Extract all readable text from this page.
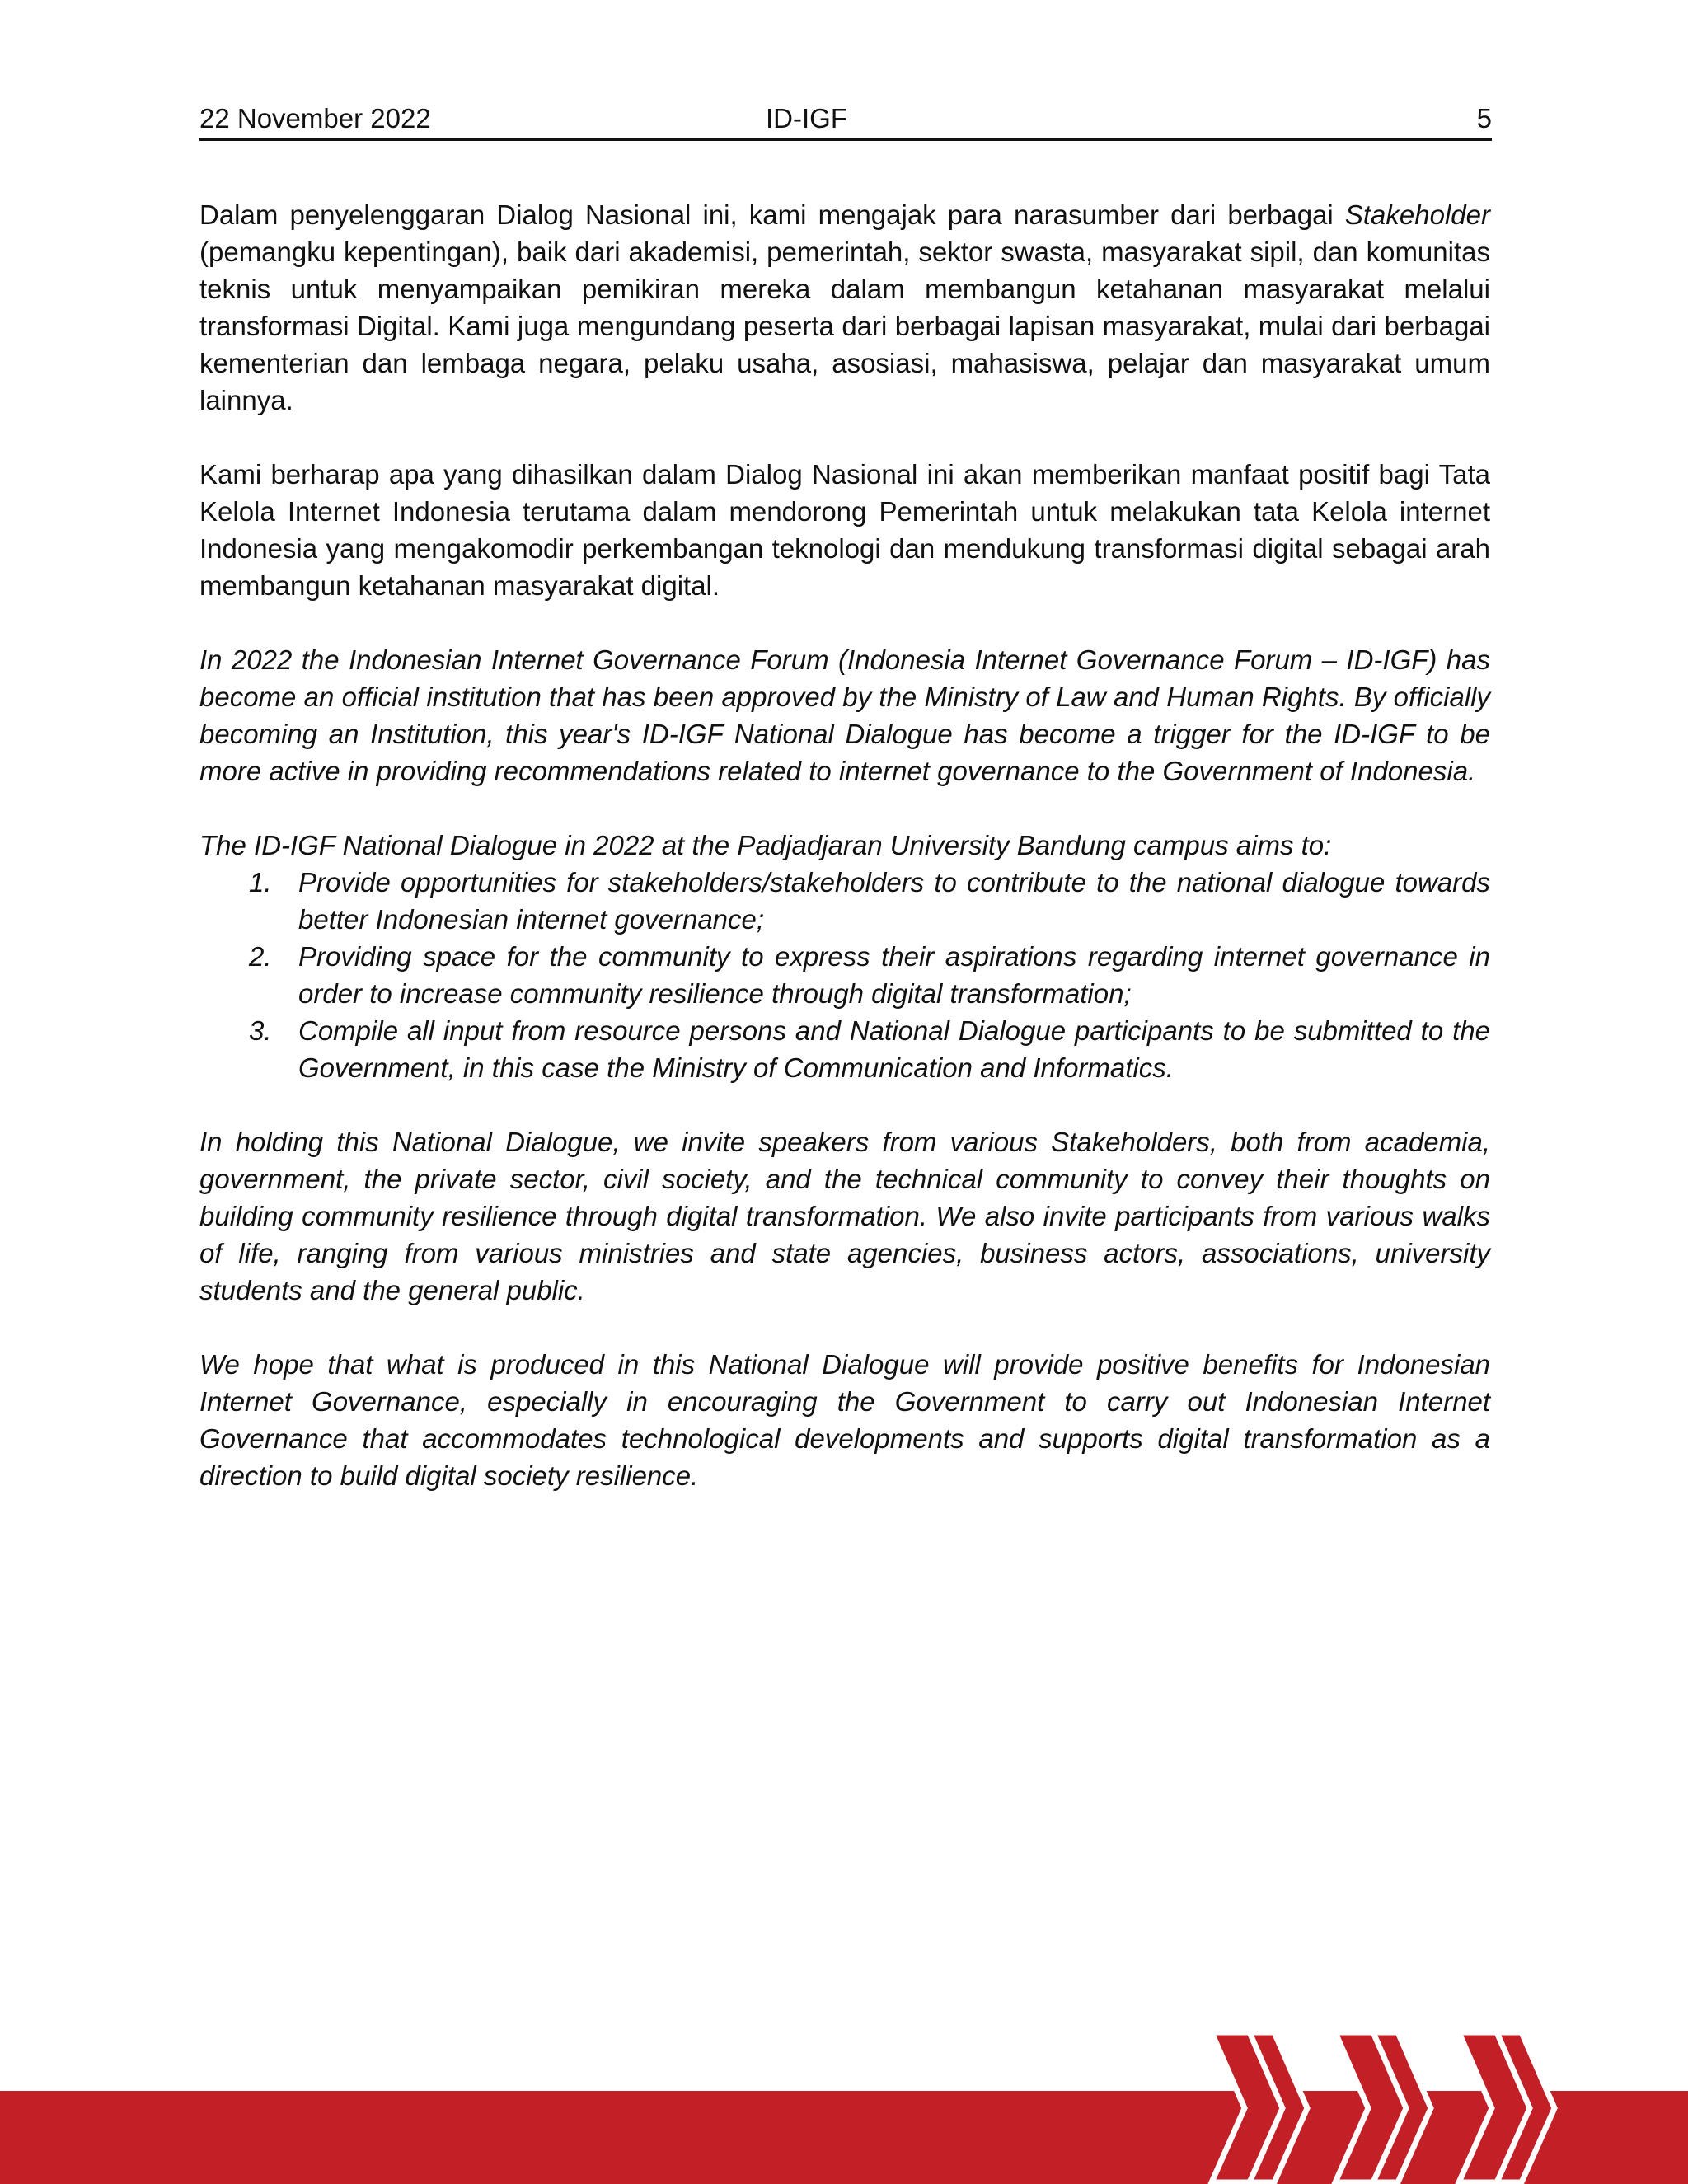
22 November 2022	ID-IGF	5

Dalam penyelenggaran Dialog Nasional ini, kami mengajak para narasumber dari berbagai Stakeholder (pemangku kepentingan), baik dari akademisi, pemerintah, sektor swasta, masyarakat sipil, dan komunitas teknis untuk menyampaikan pemikiran mereka dalam membangun ketahanan masyarakat melalui transformasi Digital. Kami juga mengundang peserta dari berbagai lapisan masyarakat, mulai dari berbagai kementerian dan lembaga negara, pelaku usaha, asosiasi, mahasiswa, pelajar dan masyarakat umum lainnya.

Kami berharap apa yang dihasilkan dalam Dialog Nasional ini akan memberikan manfaat positif bagi Tata Kelola Internet Indonesia terutama dalam mendorong Pemerintah untuk melakukan tata Kelola internet Indonesia yang mengakomodir perkembangan teknologi dan mendukung transformasi digital sebagai arah membangun ketahanan masyarakat digital.

In 2022 the Indonesian Internet Governance Forum (Indonesia Internet Governance Forum – ID-IGF) has become an official institution that has been approved by the Ministry of Law and Human Rights. By officially becoming an Institution, this year's ID-IGF National Dialogue has become a trigger for the ID-IGF to be more active in providing recommendations related to internet governance to the Government of Indonesia.

The ID-IGF National Dialogue in 2022 at the Padjadjaran University Bandung campus aims to:

1. Provide opportunities for stakeholders/stakeholders to contribute to the national dialogue towards better Indonesian internet governance;
2. Providing space for the community to express their aspirations regarding internet governance in order to increase community resilience through digital transformation;
3. Compile all input from resource persons and National Dialogue participants to be submitted to the Government, in this case the Ministry of Communication and Informatics.

In holding this National Dialogue, we invite speakers from various Stakeholders, both from academia, government, the private sector, civil society, and the technical community to convey their thoughts on building community resilience through digital transformation. We also invite participants from various walks of life, ranging from various ministries and state agencies, business actors, associations, university students and the general public.

We hope that what is produced in this National Dialogue will provide positive benefits for Indonesian Internet Governance, especially in encouraging the Government to carry out Indonesian Internet Governance that accommodates technological developments and supports digital transformation as a direction to build digital society resilience.
